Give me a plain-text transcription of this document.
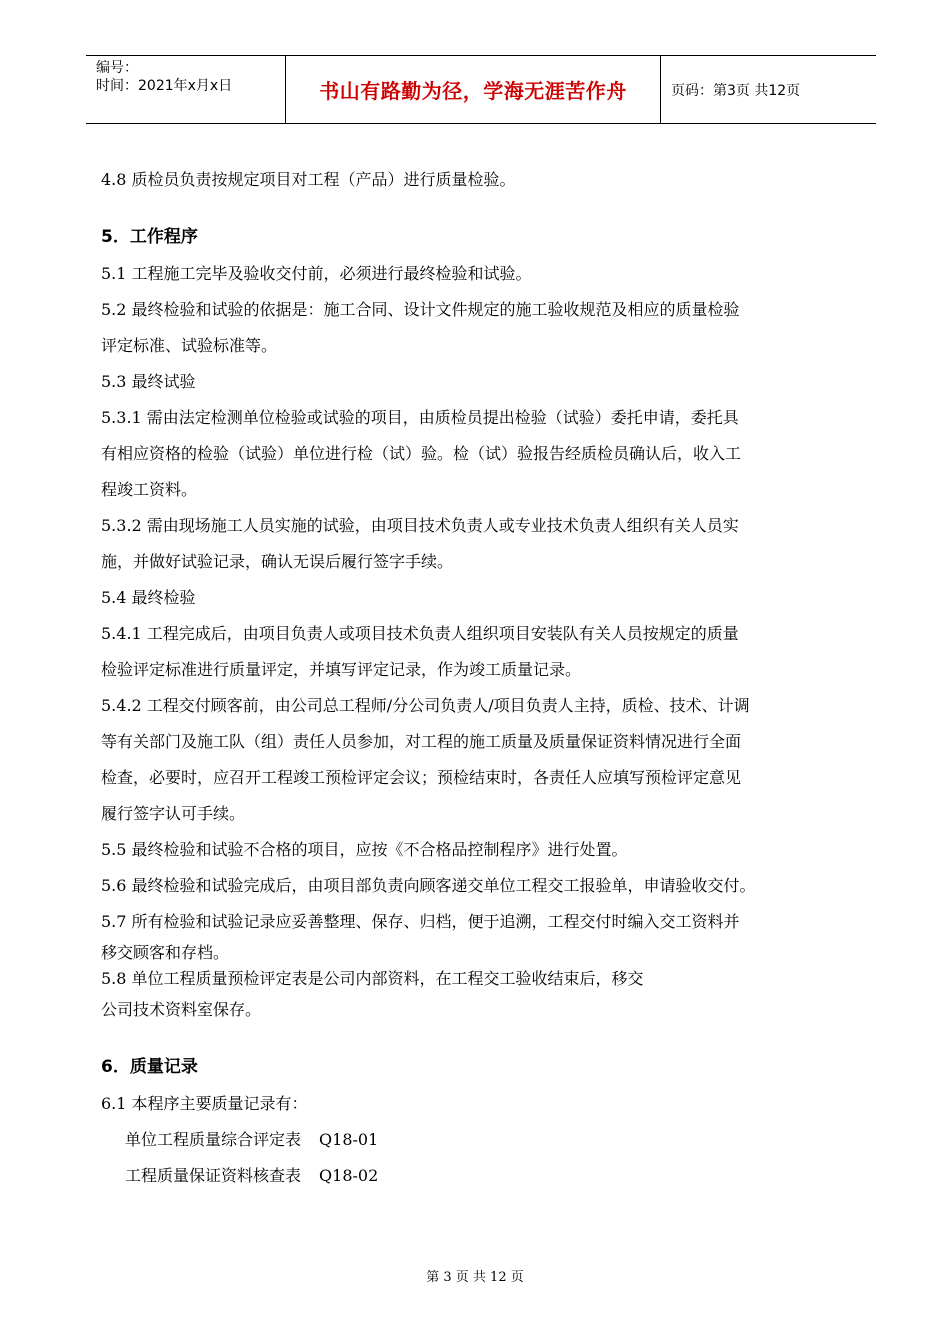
编号：
时间：2021年x月x日	书山有路勤为径，学海无涯苦作舟	页码：第3页 共12页
4.8 质检员负责按规定项目对工程（产品）进行质量检验。
5．工作程序
5.1 工程施工完毕及验收交付前，必须进行最终检验和试验。
5.2 最终检验和试验的依据是：施工合同、设计文件规定的施工验收规范及相应的质量检验
评定标准、试验标准等。
5.3 最终试验
5.3.1 需由法定检测单位检验或试验的项目，由质检员提出检验（试验）委托申请，委托具
有相应资格的检验（试验）单位进行检（试）验。检（试）验报告经质检员确认后，收入工
程竣工资料。
5.3.2 需由现场施工人员实施的试验，由项目技术负责人或专业技术负责人组织有关人员实
施，并做好试验记录，确认无误后履行签字手续。
5.4 最终检验
5.4.1 工程完成后，由项目负责人或项目技术负责人组织项目安装队有关人员按规定的质量
检验评定标准进行质量评定，并填写评定记录，作为竣工质量记录。
5.4.2 工程交付顾客前，由公司总工程师/分公司负责人/项目负责人主持，质检、技术、计调
等有关部门及施工队（组）责任人员参加，对工程的施工质量及质量保证资料情况进行全面
检查，必要时，应召开工程竣工预检评定会议；预检结束时，各责任人应填写预检评定意见
履行签字认可手续。
5.5 最终检验和试验不合格的项目，应按《不合格品控制程序》进行处置。
5.6 最终检验和试验完成后，由项目部负责向顾客递交单位工程交工报验单，申请验收交付。
5.7 所有检验和试验记录应妥善整理、保存、归档，便于追溯，工程交付时编入交工资料并
移交顾客和存档。
5.8 单位工程质量预检评定表是公司内部资料，在工程交工验收结束后，移交
公司技术资料室保存。
6．质量记录
6.1 本程序主要质量记录有：
单位工程质量综合评定表 Q18-01
工程质量保证资料核查表 Q18-02
第 3 页 共 12 页
